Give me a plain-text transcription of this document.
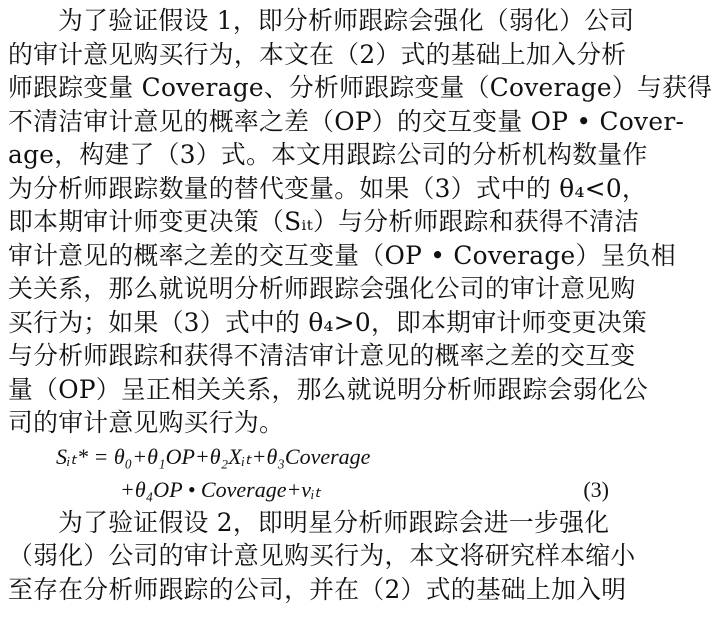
为了验证假设 1，即分析师跟踪会强化（弱化）公司
的审计意见购买行为，本文在（2）式的基础上加入分析
师跟踪变量 Coverage、分析师跟踪变量（Coverage）与获得
不清洁审计意见的概率之差（OP）的交互变量 OP • Cover-
age，构建了（3）式。本文用跟踪公司的分析机构数量作
为分析师跟踪数量的替代变量。如果（3）式中的 θ₄<0，
即本期审计师变更决策（Sᵢₜ）与分析师跟踪和获得不清洁
审计意见的概率之差的交互变量（OP • Coverage）呈负相
关关系，那么就说明分析师跟踪会强化公司的审计意见购
买行为；如果（3）式中的 θ₄>0，即本期审计师变更决策
与分析师跟踪和获得不清洁审计意见的概率之差的交互变
量（OP）呈正相关关系，那么就说明分析师跟踪会弱化公
司的审计意见购买行为。
Sᵢₜ* = θ₀+θ₁OP+θ₂Xᵢₜ+θ₃Coverage
+θ₄OP • Coverage+νᵢₜ	(3)
为了验证假设 2，即明星分析师跟踪会进一步强化
（弱化）公司的审计意见购买行为，本文将研究样本缩小
至存在分析师跟踪的公司，并在（2）式的基础上加入明
